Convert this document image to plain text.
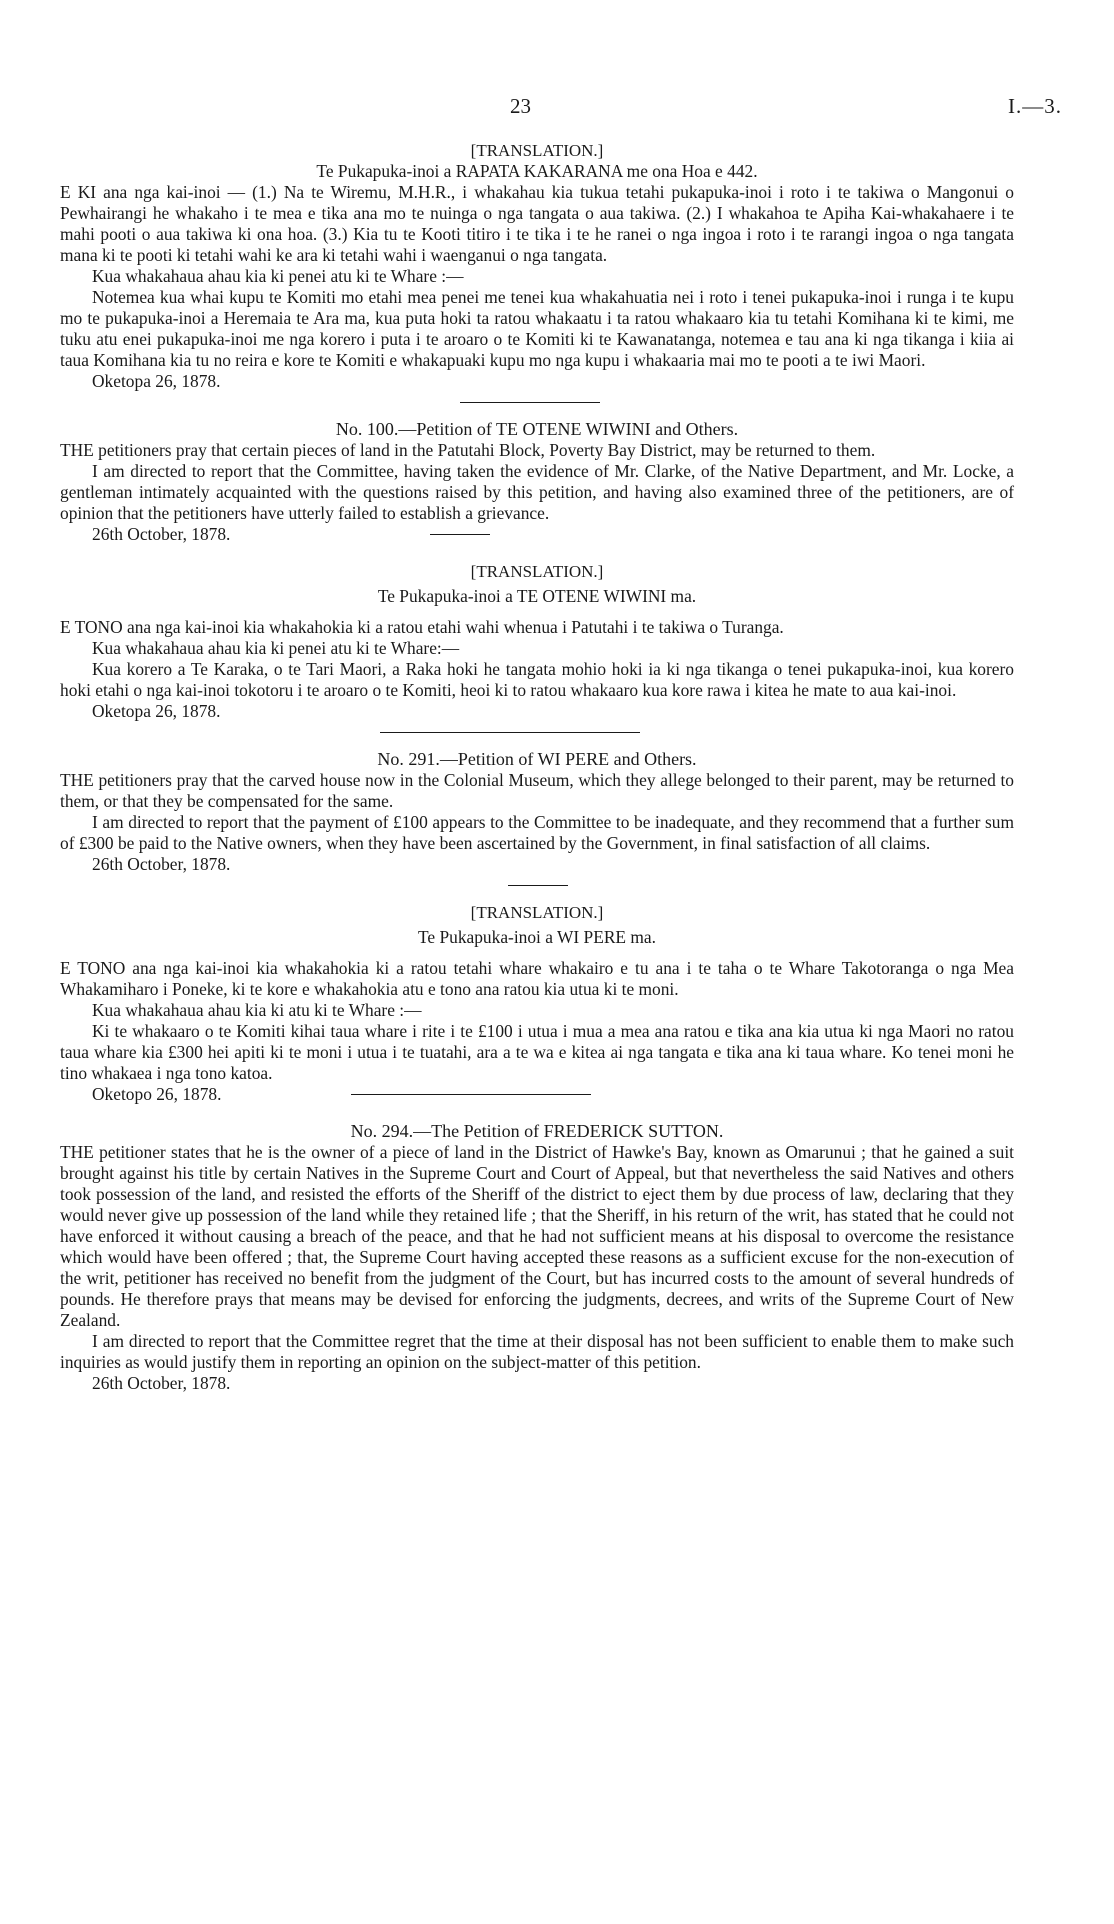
23	I.—3.

[TRANSLATION.]

Te Pukapuka-inoi a RAPATA KAKARANA me ona Hoa e 442.

E KI ana nga kai-inoi — (1.) Na te Wiremu, M.H.R., i whakahau kia tukua tetahi pukapuka-inoi i roto i te takiwa o Mangonui o Pewhairangi he whakaho i te mea e tika ana mo te nuinga o nga tangata o aua takiwa. (2.) I whakahoa te Apiha Kai-whakahaere i te mahi pooti o aua takiwa ki ona hoa. (3.) Kia tu te Kooti titiro i te tika i te he ranei o nga ingoa i roto i te rarangi ingoa o nga tangata mana ki te pooti ki tetahi wahi ke ara ki tetahi wahi i waenganui o nga tangata.

Kua whakahaua ahau kia ki penei atu ki te Whare :—

Notemea kua whai kupu te Komiti mo etahi mea penei me tenei kua whakahuatia nei i roto i tenei pukapuka-inoi i runga i te kupu mo te pukapuka-inoi a Heremaia te Ara ma, kua puta hoki ta ratou whakaatu i ta ratou whakaaro kia tu tetahi Komihana ki te kimi, me tuku atu enei pukapuka-inoi me nga korero i puta i te aroaro o te Komiti ki te Kawanatanga, notemea e tau ana ki nga tikanga i kiia ai taua Komihana kia tu no reira e kore te Komiti e whakapuaki kupu mo nga kupu i whakaaria mai mo te pooti a te iwi Maori.

Oketopa 26, 1878.

No. 100.—Petition of TE OTENE WIWINI and Others.

THE petitioners pray that certain pieces of land in the Patutahi Block, Poverty Bay District, may be returned to them.

I am directed to report that the Committee, having taken the evidence of Mr. Clarke, of the Native Department, and Mr. Locke, a gentleman intimately acquainted with the questions raised by this petition, and having also examined three of the petitioners, are of opinion that the petitioners have utterly failed to establish a grievance.

26th October, 1878.

[TRANSLATION.]

Te Pukapuka-inoi a TE OTENE WIWINI ma.

E TONO ana nga kai-inoi kia whakahokia ki a ratou etahi wahi whenua i Patutahi i te takiwa o Turanga.

Kua whakahaua ahau kia ki penei atu ki te Whare:—

Kua korero a Te Karaka, o te Tari Maori, a Raka hoki he tangata mohio hoki ia ki nga tikanga o tenei pukapuka-inoi, kua korero hoki etahi o nga kai-inoi tokotoru i te aroaro o te Komiti, heoi ki to ratou whakaaro kua kore rawa i kitea he mate to aua kai-inoi.

Oketopa 26, 1878.

No. 291.—Petition of WI PERE and Others.

THE petitioners pray that the carved house now in the Colonial Museum, which they allege belonged to their parent, may be returned to them, or that they be compensated for the same.

I am directed to report that the payment of £100 appears to the Committee to be inadequate, and they recommend that a further sum of £300 be paid to the Native owners, when they have been ascertained by the Government, in final satisfaction of all claims.

26th October, 1878.

[TRANSLATION.]

Te Pukapuka-inoi a WI PERE ma.

E TONO ana nga kai-inoi kia whakahokia ki a ratou tetahi whare whakairo e tu ana i te taha o te Whare Takotoranga o nga Mea Whakamiharo i Poneke, ki te kore e whakahokia atu e tono ana ratou kia utua ki te moni.

Kua whakahaua ahau kia ki atu ki te Whare :—

Ki te whakaaro o te Komiti kihai taua whare i rite i te £100 i utua i mua a mea ana ratou e tika ana kia utua ki nga Maori no ratou taua whare kia £300 hei apiti ki te moni i utua i te tuatahi, ara a te wa e kitea ai nga tangata e tika ana ki taua whare. Ko tenei moni he tino whakaea i nga tono katoa.

Oketopo 26, 1878.

No. 294.—The Petition of FREDERICK SUTTON.

THE petitioner states that he is the owner of a piece of land in the District of Hawke's Bay, known as Omarunui ; that he gained a suit brought against his title by certain Natives in the Supreme Court and Court of Appeal, but that nevertheless the said Natives and others took possession of the land, and resisted the efforts of the Sheriff of the district to eject them by due process of law, declaring that they would never give up possession of the land while they retained life ; that the Sheriff, in his return of the writ, has stated that he could not have enforced it without causing a breach of the peace, and that he had not sufficient means at his disposal to overcome the resistance which would have been offered ; that, the Supreme Court having accepted these reasons as a sufficient excuse for the non-execution of the writ, petitioner has received no benefit from the judgment of the Court, but has incurred costs to the amount of several hundreds of pounds. He therefore prays that means may be devised for enforcing the judgments, decrees, and writs of the Supreme Court of New Zealand.

I am directed to report that the Committee regret that the time at their disposal has not been sufficient to enable them to make such inquiries as would justify them in reporting an opinion on the subject-matter of this petition.

26th October, 1878.
